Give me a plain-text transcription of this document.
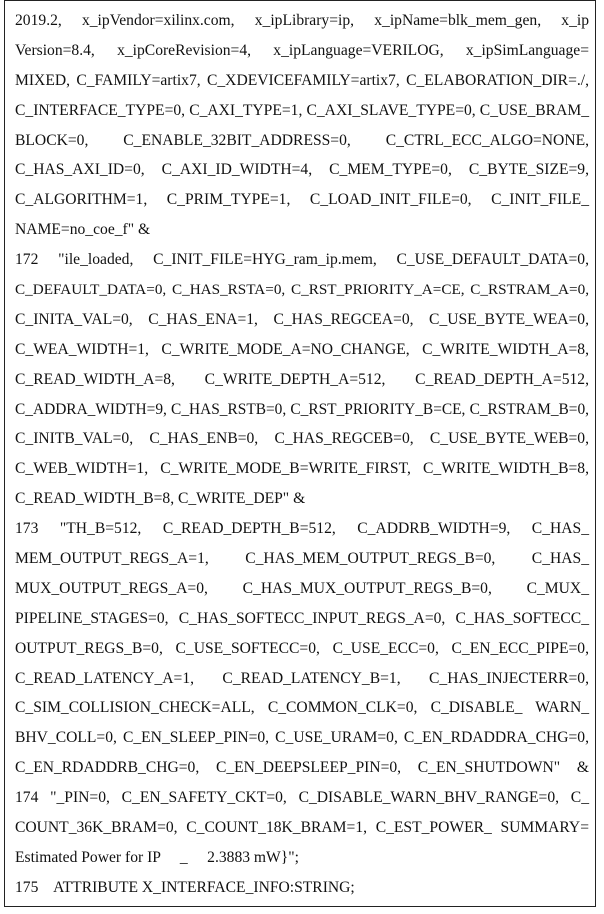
2019.2, x_ipVendor=xilinx.com, x_ipLibrary=ip, x_ipName=blk_mem_gen, x_ip
Version=8.4, x_ipCoreRevision=4, x_ipLanguage=VERILOG, x_ipSimLanguage=
MIXED, C_FAMILY=artix7, C_XDEVICEFAMILY=artix7, C_ELABORATION_DIR=./,
C_INTERFACE_TYPE=0, C_AXI_TYPE=1, C_AXI_SLAVE_TYPE=0, C_USE_BRAM_
BLOCK=0, C_ENABLE_32BIT_ADDRESS=0, C_CTRL_ECC_ALGO=NONE,
C_HAS_AXI_ID=0, C_AXI_ID_WIDTH=4, C_MEM_TYPE=0, C_BYTE_SIZE=9,
C_ALGORITHM=1, C_PRIM_TYPE=1, C_LOAD_INIT_FILE=0, C_INIT_FILE_
NAME=no_coe_f" &
172 "ile_loaded, C_INIT_FILE=HYG_ram_ip.mem, C_USE_DEFAULT_DATA=0,
C_DEFAULT_DATA=0, C_HAS_RSTA=0, C_RST_PRIORITY_A=CE, C_RSTRAM_A=0,
C_INITA_VAL=0, C_HAS_ENA=1, C_HAS_REGCEA=0, C_USE_BYTE_WEA=0,
C_WEA_WIDTH=1, C_WRITE_MODE_A=NO_CHANGE, C_WRITE_WIDTH_A=8,
C_READ_WIDTH_A=8, C_WRITE_DEPTH_A=512, C_READ_DEPTH_A=512,
C_ADDRA_WIDTH=9, C_HAS_RSTB=0, C_RST_PRIORITY_B=CE, C_RSTRAM_B=0,
C_INITB_VAL=0, C_HAS_ENB=0, C_HAS_REGCEB=0, C_USE_BYTE_WEB=0,
C_WEB_WIDTH=1, C_WRITE_MODE_B=WRITE_FIRST, C_WRITE_WIDTH_B=8,
C_READ_WIDTH_B=8, C_WRITE_DEP" &
173 "TH_B=512, C_READ_DEPTH_B=512, C_ADDRB_WIDTH=9, C_HAS_
MEM_OUTPUT_REGS_A=1, C_HAS_MEM_OUTPUT_REGS_B=0, C_HAS_
MUX_OUTPUT_REGS_A=0, C_HAS_MUX_OUTPUT_REGS_B=0, C_MUX_
PIPELINE_STAGES=0, C_HAS_SOFTECC_INPUT_REGS_A=0, C_HAS_SOFTECC_
OUTPUT_REGS_B=0, C_USE_SOFTECC=0, C_USE_ECC=0, C_EN_ECC_PIPE=0,
C_READ_LATENCY_A=1, C_READ_LATENCY_B=1, C_HAS_INJECTERR=0,
C_SIM_COLLISION_CHECK=ALL, C_COMMON_CLK=0, C_DISABLE_ WARN_
BHV_COLL=0, C_EN_SLEEP_PIN=0, C_USE_URAM=0, C_EN_RDADDRA_CHG=0,
C_EN_RDADDRB_CHG=0, C_EN_DEEPSLEEP_PIN=0, C_EN_SHUTDOWN" &
174 "_PIN=0, C_EN_SAFETY_CKT=0, C_DISABLE_WARN_BHV_RANGE=0, C_
COUNT_36K_BRAM=0, C_COUNT_18K_BRAM=1, C_EST_POWER_ SUMMARY=
Estimated Power for IP     _     2.3883 mW}";
175    ATTRIBUTE X_INTERFACE_INFO:STRING;
